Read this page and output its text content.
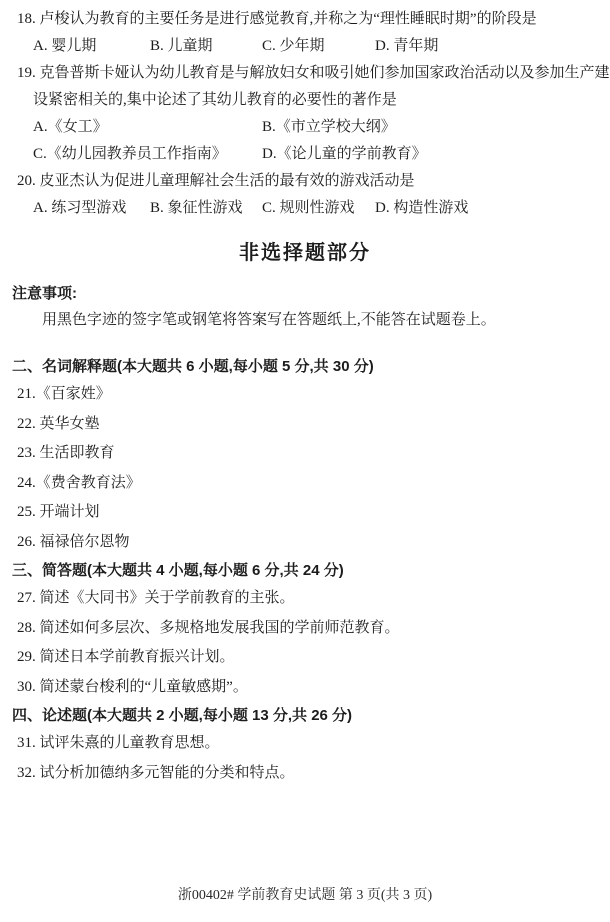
18. 卢梭认为教育的主要任务是进行感觉教育,并称之为“理性睡眠时期”的阶段是
A. 婴儿期	B. 儿童期	C. 少年期	D. 青年期
19. 克鲁普斯卡娅认为幼儿教育是与解放妇女和吸引她们参加国家政治活动以及参加生产建
设紧密相关的,集中论述了其幼儿教育的必要性的著作是
A.《女工》	B.《市立学校大纲》
C.《幼儿园教养员工作指南》 D.《论儿童的学前教育》
20. 皮亚杰认为促进儿童理解社会生活的最有效的游戏活动是
A. 练习型游戏 B. 象征性游戏 C. 规则性游戏 D. 构造性游戏
非选择题部分
注意事项:
用黑色字迹的签字笔或钢笔将答案写在答题纸上,不能答在试题卷上。
二、名词解释题(本大题共 6 小题,每小题 5 分,共 30 分)
21.《百家姓》
22. 英华女塾
23. 生活即教育
24.《费舍教育法》
25. 开端计划
26. 福禄倍尔恩物
三、简答题(本大题共 4 小题,每小题 6 分,共 24 分)
27. 简述《大同书》关于学前教育的主张。
28. 简述如何多层次、多规格地发展我国的学前师范教育。
29. 简述日本学前教育振兴计划。
30. 简述蒙台梭利的“儿童敏感期”。
四、论述题(本大题共 2 小题,每小题 13 分,共 26 分)
31. 试评朱熹的儿童教育思想。
32. 试分析加德纳多元智能的分类和特点。
浙00402# 学前教育史试题 第 3 页(共 3 页)
